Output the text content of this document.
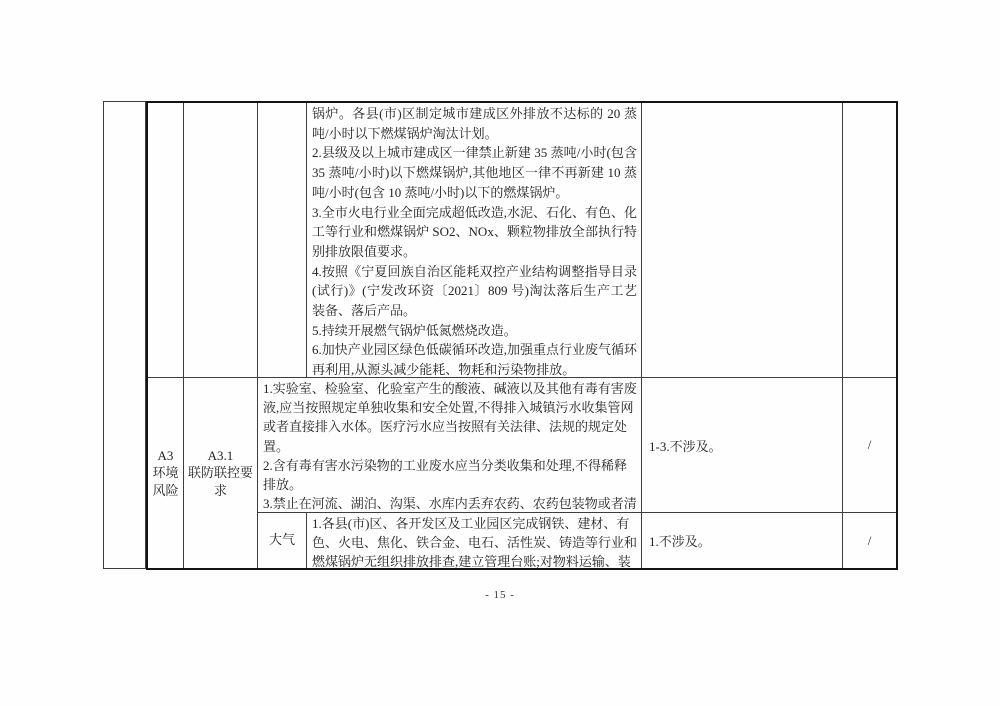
锅炉。各县(市)区制定城市建成区外排放不达标的 20 蒸吨/小时以下燃煤锅炉淘汰计划。
2.县级及以上城市建成区一律禁止新建 35 蒸吨/小时(包含 35 蒸吨/小时)以下燃煤锅炉,其他地区一律不再新建 10 蒸吨/小时(包含 10 蒸吨/小时)以下的燃煤锅炉。
3.全市火电行业全面完成超低改造,水泥、石化、有色、化工等行业和燃煤锅炉 SO2、NOx、颗粒物排放全部执行特别排放限值要求。
4.按照《宁夏回族自治区能耗双控产业结构调整指导目录(试行)》(宁发改环资〔2021〕809 号)淘汰落后生产工艺装备、落后产品。
5.持续开展燃气锅炉低氮燃烧改造。
6.加快产业园区绿色低碳循环改造,加强重点行业废气循环再利用,从源头减少能耗、物耗和污染物排放。
A3
环境
风险
A3.1
联防联控要
求
1.实验室、检验室、化验室产生的酸液、碱液以及其他有毒有害废液,应当按照规定单独收集和安全处置,不得排入城镇污水收集管网或者直接排入水体。医疗污水应当按照有关法律、法规的规定处置。
2.含有毒有害水污染物的工业废水应当分类收集和处理,不得稀释排放。
3.禁止在河流、湖泊、沟渠、水库内丢弃农药、农药包装物或者清
1-3.不涉及。	/
大气
1.各县(市)区、各开发区及工业园区完成钢铁、建材、有色、火电、焦化、铁合金、电石、活性炭、铸造等行业和燃煤锅炉无组织排放排查,建立管理台账;对物料运输、装
1.不涉及。	/
- 15 -
